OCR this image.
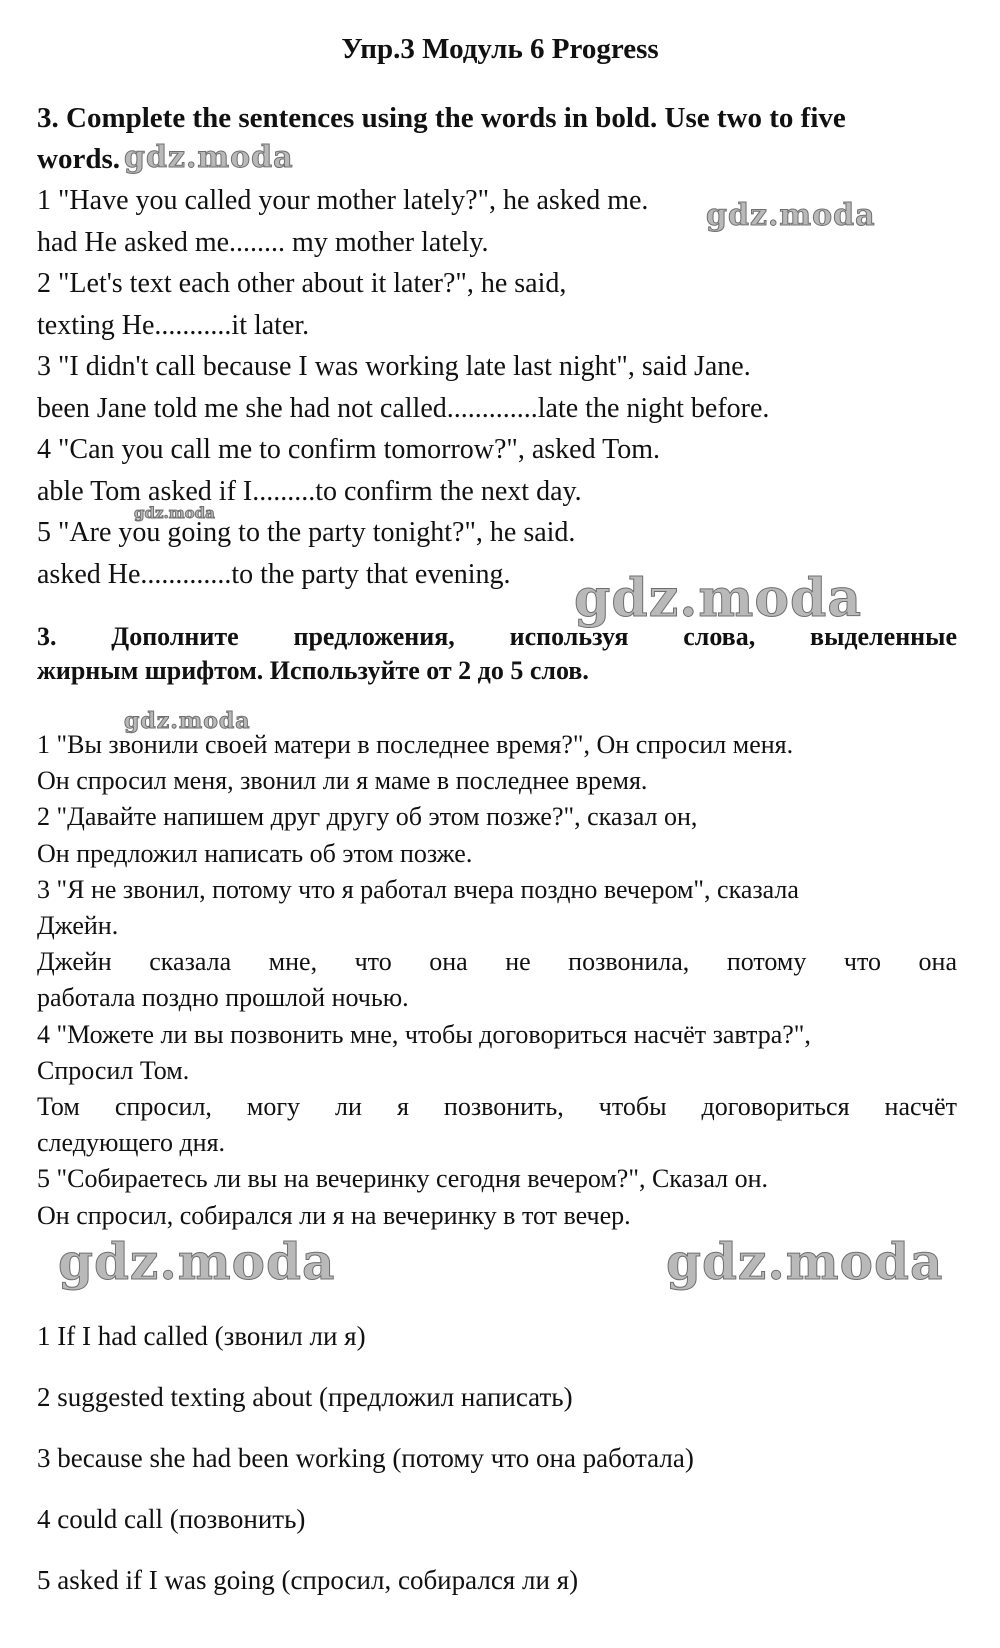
Упр.3 Модуль 6 Progress
3. Complete the sentences using the words in bold. Use two to five
words.
1 "Have you called your mother lately?", he asked me.
had He asked me........ my mother lately.
2 "Let's text each other about it later?", he said,
texting He...........it later.
3 "I didn't call because I was working late last night", said Jane.
been Jane told me she had not called.............late the night before.
4 "Can you call me to confirm tomorrow?", asked Tom.
able Tom asked if I.........to confirm the next day.
5 "Are you going to the party tonight?", he said.
asked He.............to the party that evening.
3. Дополните предложения, используя слова, выделенные
жирным шрифтом. Используйте от 2 до 5 слов.
1 "Вы звонили своей матери в последнее время?", Он спросил меня.
Он спросил меня, звонил ли я маме в последнее время.
2 "Давайте напишем друг другу об этом позже?", сказал он,
Он предложил написать об этом позже.
3 "Я не звонил, потому что я работал вчера поздно вечером", сказала
Джейн.
Джейн сказала мне, что она не позвонила, потому что она
работала поздно прошлой ночью.
4 "Можете ли вы позвонить мне, чтобы договориться насчёт завтра?",
Спросил Том.
Том спросил, могу ли я позвонить, чтобы договориться насчёт
следующего дня.
5 "Собираетесь ли вы на вечеринку сегодня вечером?", Сказал он.
Он спросил, собирался ли я на вечеринку в тот вечер.
1 If I had called (звонил ли я)
2 suggested texting about (предложил написать)
3 because she had been working (потому что она работала)
4 could call (позвонить)
5 asked if I was going (спросил, собирался ли я)
gdz.moda
gdz.moda
gdz.moda
gdz.moda
gdz.moda
gdz.moda	gdz.moda
